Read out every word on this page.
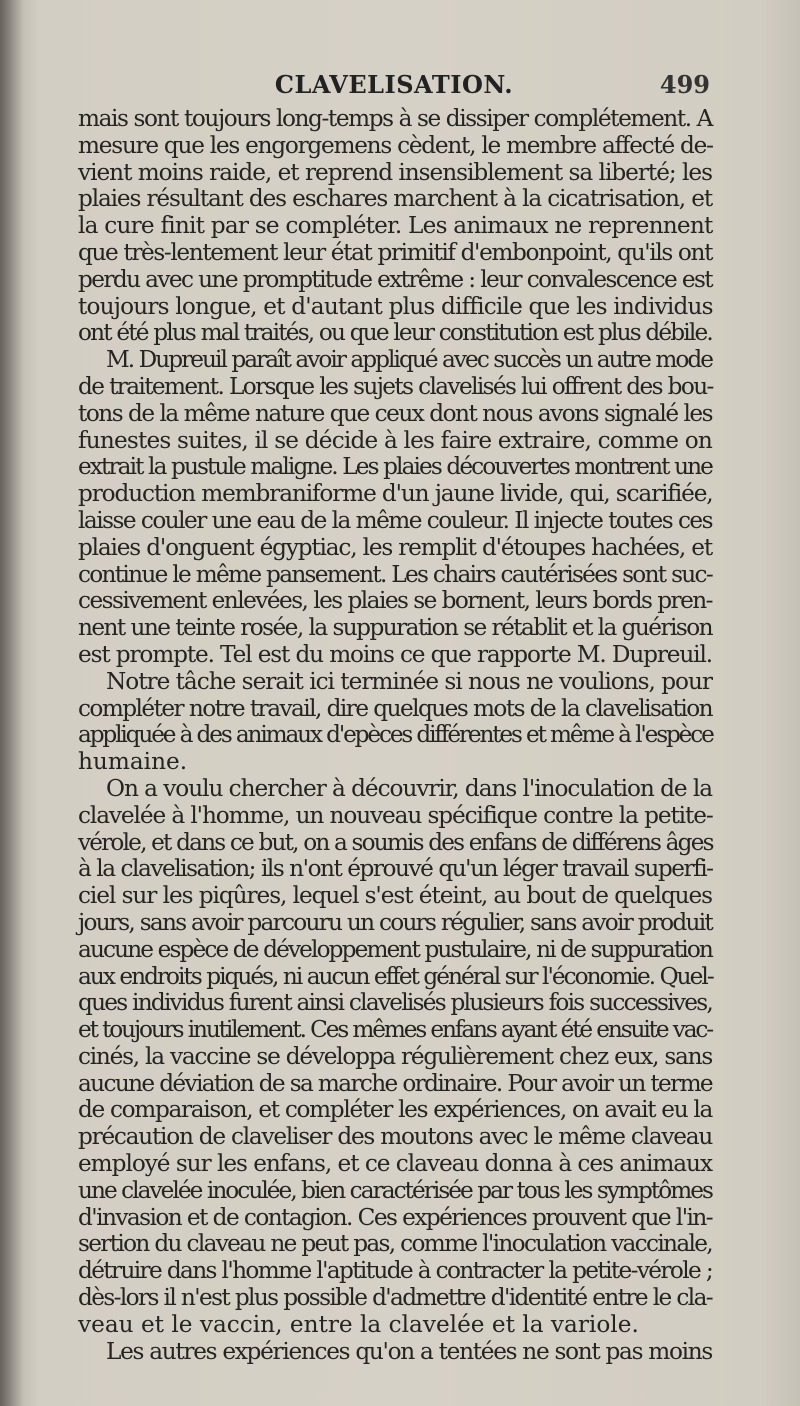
CLAVELISATION.	499
mais sont toujours long-temps à se dissiper complétement. A
mesure que les engorgemens cèdent, le membre affecté de-
vient moins raide, et reprend insensiblement sa liberté; les
plaies résultant des eschares marchent à la cicatrisation, et
la cure finit par se compléter. Les animaux ne reprennent
que très-lentement leur état primitif d'embonpoint, qu'ils ont
perdu avec une promptitude extrême : leur convalescence est
toujours longue, et d'autant plus difficile que les individus
ont été plus mal traités, ou que leur constitution est plus débile.
M. Dupreuil paraît avoir appliqué avec succès un autre mode
de traitement. Lorsque les sujets clavelisés lui offrent des bou-
tons de la même nature que ceux dont nous avons signalé les
funestes suites, il se décide à les faire extraire, comme on
extrait la pustule maligne. Les plaies découvertes montrent une
production membraniforme d'un jaune livide, qui, scarifiée,
laisse couler une eau de la même couleur. Il injecte toutes ces
plaies d'onguent égyptiac, les remplit d'étoupes hachées, et
continue le même pansement. Les chairs cautérisées sont suc-
cessivement enlevées, les plaies se bornent, leurs bords pren-
nent une teinte rosée, la suppuration se rétablit et la guérison
est prompte. Tel est du moins ce que rapporte M. Dupreuil.
Notre tâche serait ici terminée si nous ne voulions, pour
compléter notre travail, dire quelques mots de la clavelisation
appliquée à des animaux d'epèces différentes et même à l'espèce
humaine.
On a voulu chercher à découvrir, dans l'inoculation de la
clavelée à l'homme, un nouveau spécifique contre la petite-
vérole, et dans ce but, on a soumis des enfans de différens âges
à la clavelisation; ils n'ont éprouvé qu'un léger travail superfi-
ciel sur les piqûres, lequel s'est éteint, au bout de quelques
jours, sans avoir parcouru un cours régulier, sans avoir produit
aucune espèce de développement pustulaire, ni de suppuration
aux endroits piqués, ni aucun effet général sur l'économie. Quel-
ques individus furent ainsi clavelisés plusieurs fois successives,
et toujours inutilement. Ces mêmes enfans ayant été ensuite vac-
cinés, la vaccine se développa régulièrement chez eux, sans
aucune déviation de sa marche ordinaire. Pour avoir un terme
de comparaison, et compléter les expériences, on avait eu la
précaution de claveliser des moutons avec le même claveau
employé sur les enfans, et ce claveau donna à ces animaux
une clavelée inoculée, bien caractérisée par tous les symptômes
d'invasion et de contagion. Ces expériences prouvent que l'in-
sertion du claveau ne peut pas, comme l'inoculation vaccinale,
détruire dans l'homme l'aptitude à contracter la petite-vérole ;
dès-lors il n'est plus possible d'admettre d'identité entre le cla-
veau et le vaccin, entre la clavelée et la variole.
Les autres expériences qu'on a tentées ne sont pas moins
